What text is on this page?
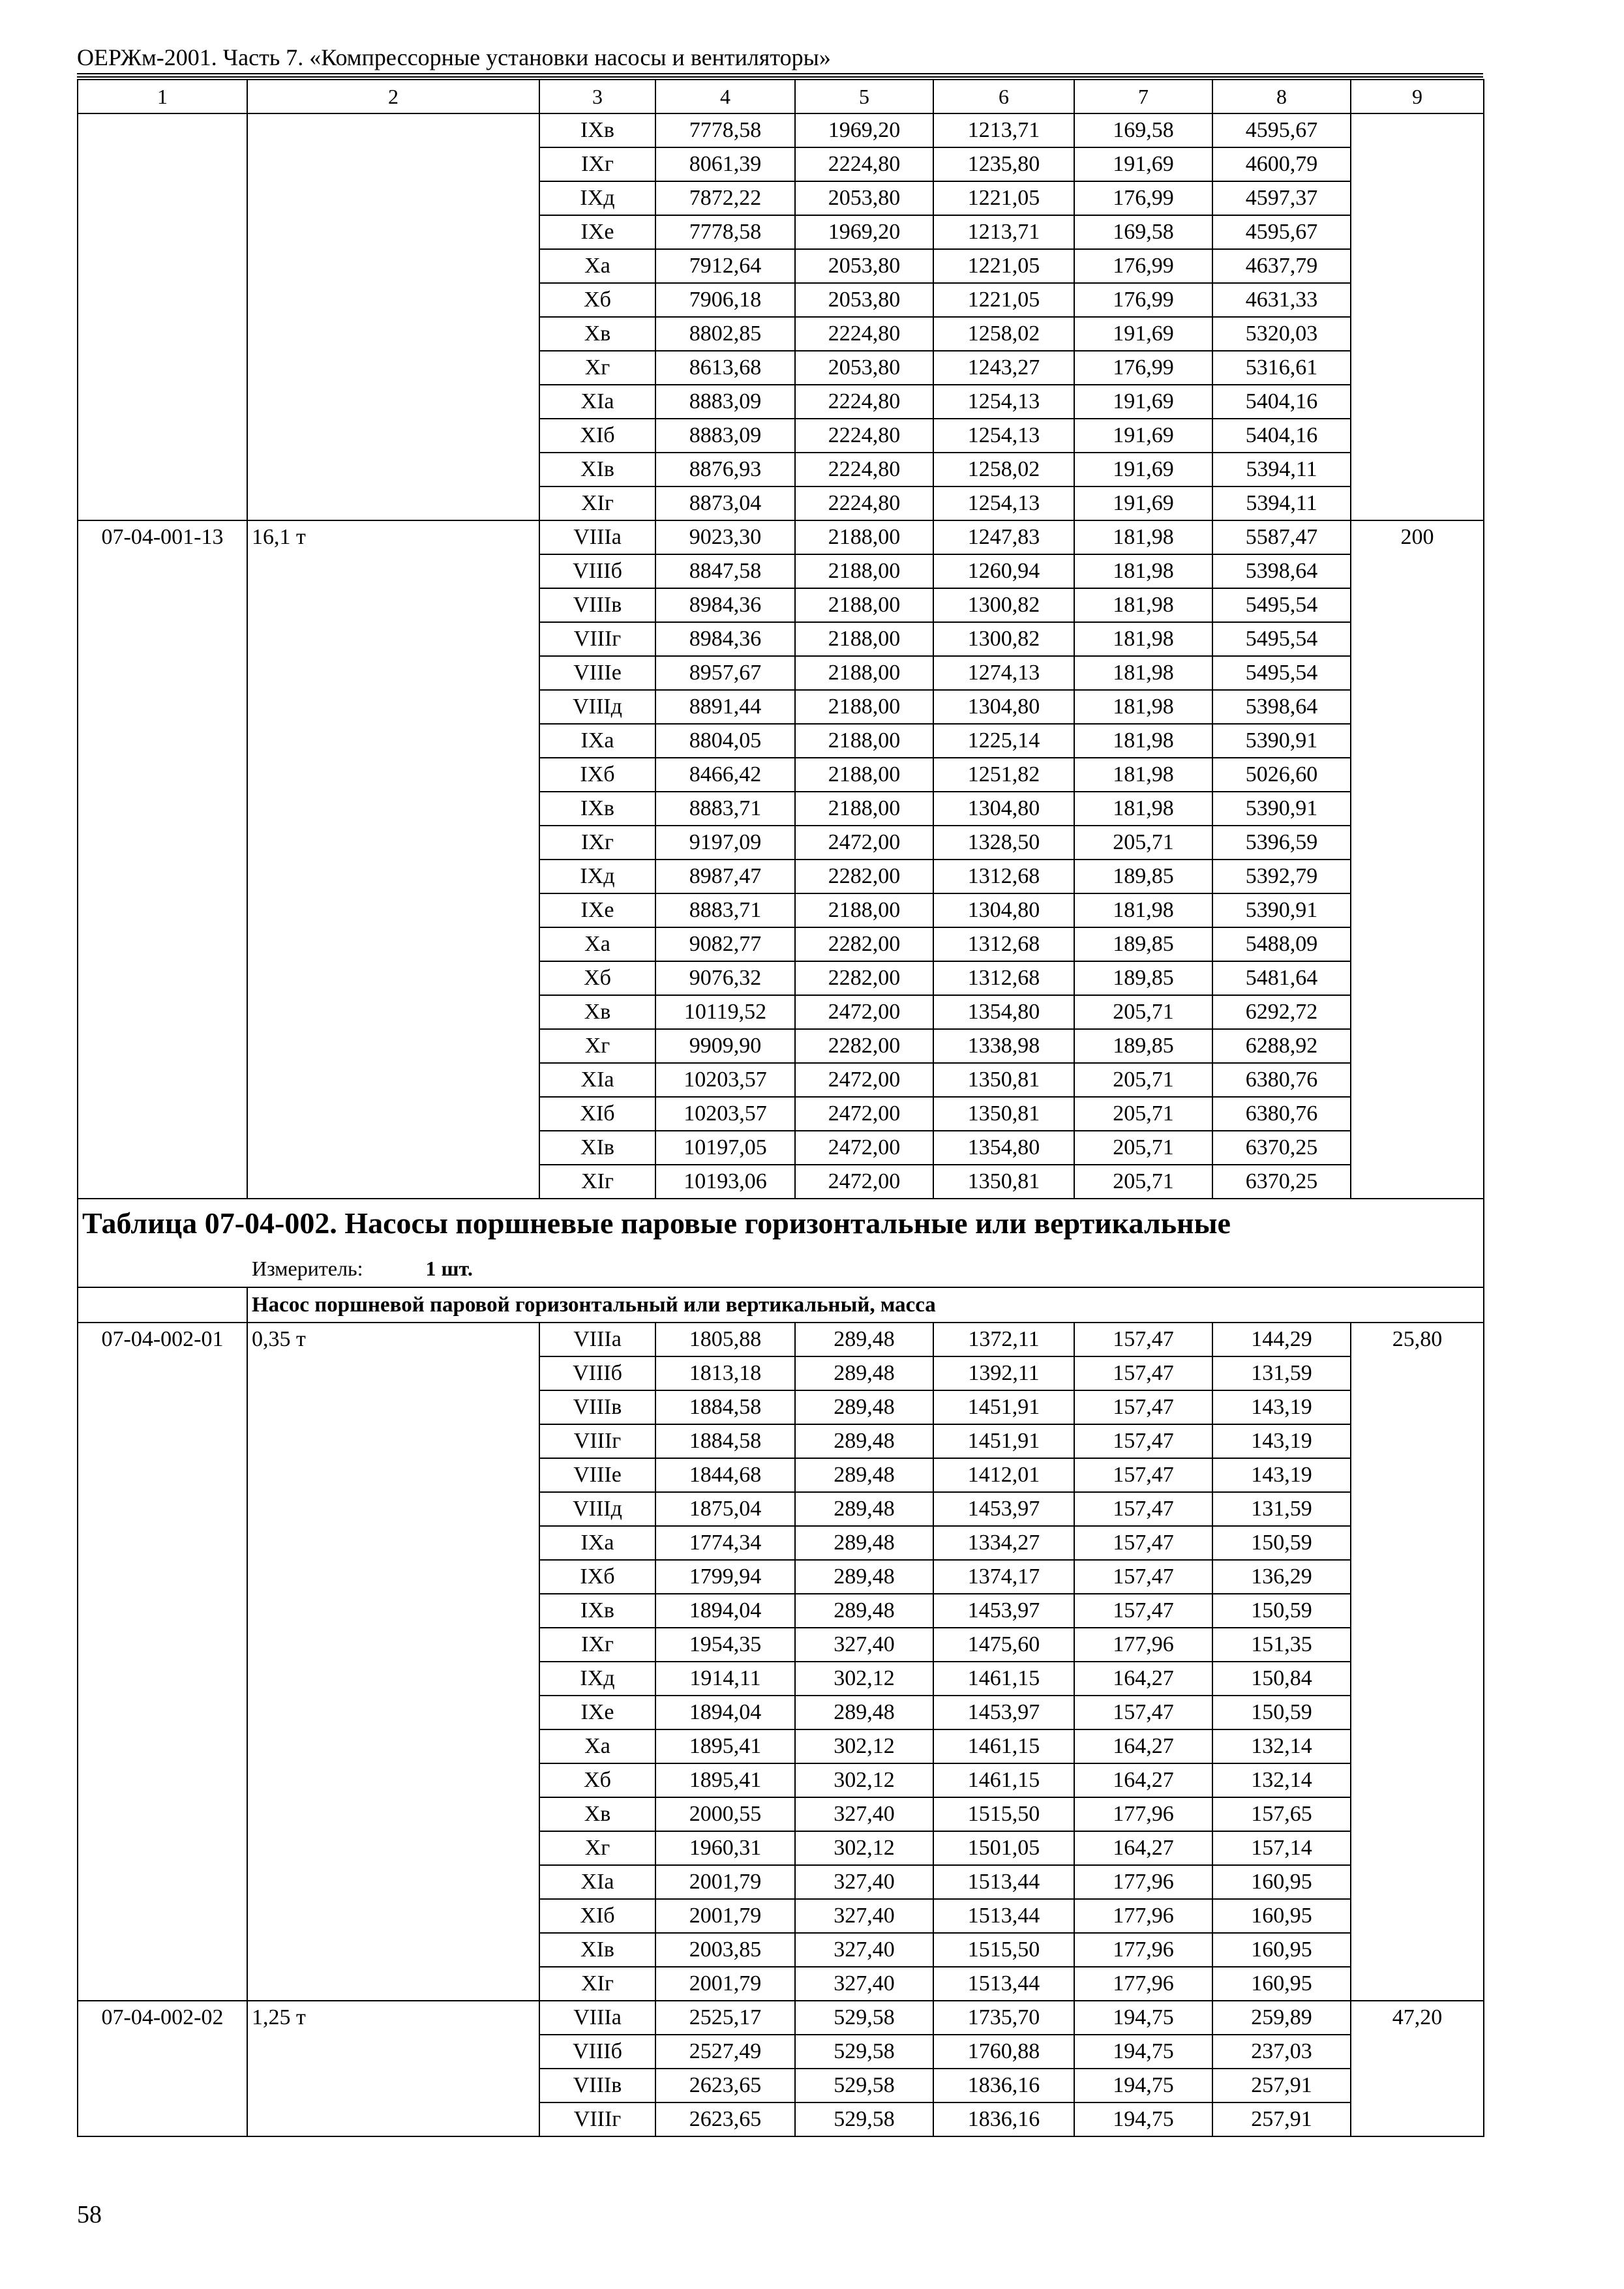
ОЕРЖм-2001. Часть 7. «Компрессорные установки насосы и вентиляторы»
1	2	3	4	5	6	7	8	9
		IXв	7778,58	1969,20	1213,71	169,58	4595,67	
		IXг	8061,39	2224,80	1235,80	191,69	4600,79	
		IXд	7872,22	2053,80	1221,05	176,99	4597,37	
		IXе	7778,58	1969,20	1213,71	169,58	4595,67	
		Xа	7912,64	2053,80	1221,05	176,99	4637,79	
		Xб	7906,18	2053,80	1221,05	176,99	4631,33	
		Xв	8802,85	2224,80	1258,02	191,69	5320,03	
		Xг	8613,68	2053,80	1243,27	176,99	5316,61	
		XIа	8883,09	2224,80	1254,13	191,69	5404,16	
		XIб	8883,09	2224,80	1254,13	191,69	5404,16	
		XIв	8876,93	2224,80	1258,02	191,69	5394,11	
		XIг	8873,04	2224,80	1254,13	191,69	5394,11	
07-04-001-13	16,1 т	VIIIа	9023,30	2188,00	1247,83	181,98	5587,47	200
		VIIIб	8847,58	2188,00	1260,94	181,98	5398,64	
		VIIIв	8984,36	2188,00	1300,82	181,98	5495,54	
		VIIIг	8984,36	2188,00	1300,82	181,98	5495,54	
		VIIIе	8957,67	2188,00	1274,13	181,98	5495,54	
		VIIIд	8891,44	2188,00	1304,80	181,98	5398,64	
		IXа	8804,05	2188,00	1225,14	181,98	5390,91	
		IXб	8466,42	2188,00	1251,82	181,98	5026,60	
		IXв	8883,71	2188,00	1304,80	181,98	5390,91	
		IXг	9197,09	2472,00	1328,50	205,71	5396,59	
		IXд	8987,47	2282,00	1312,68	189,85	5392,79	
		IXе	8883,71	2188,00	1304,80	181,98	5390,91	
		Xа	9082,77	2282,00	1312,68	189,85	5488,09	
		Xб	9076,32	2282,00	1312,68	189,85	5481,64	
		Xв	10119,52	2472,00	1354,80	205,71	6292,72	
		Xг	9909,90	2282,00	1338,98	189,85	6288,92	
		XIа	10203,57	2472,00	1350,81	205,71	6380,76	
		XIб	10203,57	2472,00	1350,81	205,71	6380,76	
		XIв	10197,05	2472,00	1354,80	205,71	6370,25	
		XIг	10193,06	2472,00	1350,81	205,71	6370,25	
Таблица 07-04-002. Насосы поршневые паровые горизонтальные или вертикальные								
Измеритель: 1 шт.								
	Насос поршневой паровой горизонтальный или вертикальный, масса							
07-04-002-01	0,35 т	VIIIа	1805,88	289,48	1372,11	157,47	144,29	25,80
		VIIIб	1813,18	289,48	1392,11	157,47	131,59	
		VIIIв	1884,58	289,48	1451,91	157,47	143,19	
		VIIIг	1884,58	289,48	1451,91	157,47	143,19	
		VIIIе	1844,68	289,48	1412,01	157,47	143,19	
		VIIIд	1875,04	289,48	1453,97	157,47	131,59	
		IXа	1774,34	289,48	1334,27	157,47	150,59	
		IXб	1799,94	289,48	1374,17	157,47	136,29	
		IXв	1894,04	289,48	1453,97	157,47	150,59	
		IXг	1954,35	327,40	1475,60	177,96	151,35	
		IXд	1914,11	302,12	1461,15	164,27	150,84	
		IXе	1894,04	289,48	1453,97	157,47	150,59	
		Xа	1895,41	302,12	1461,15	164,27	132,14	
		Xб	1895,41	302,12	1461,15	164,27	132,14	
		Xв	2000,55	327,40	1515,50	177,96	157,65	
		Xг	1960,31	302,12	1501,05	164,27	157,14	
		XIа	2001,79	327,40	1513,44	177,96	160,95	
		XIб	2001,79	327,40	1513,44	177,96	160,95	
		XIв	2003,85	327,40	1515,50	177,96	160,95	
		XIг	2001,79	327,40	1513,44	177,96	160,95	
07-04-002-02	1,25 т	VIIIа	2525,17	529,58	1735,70	194,75	259,89	47,20
		VIIIб	2527,49	529,58	1760,88	194,75	237,03	
		VIIIв	2623,65	529,58	1836,16	194,75	257,91	
		VIIIг	2623,65	529,58	1836,16	194,75	257,91	
58
